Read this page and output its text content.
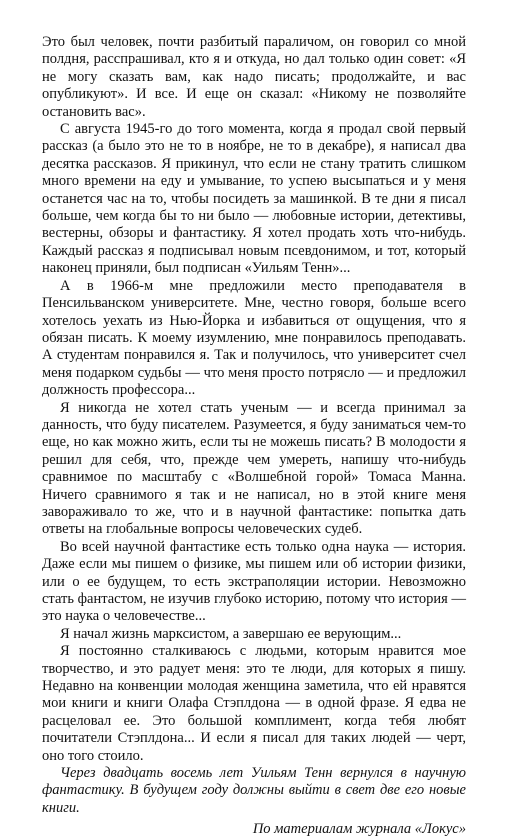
Это был человек, почти разбитый параличом, он говорил со мной полдня, расспрашивал, кто я и откуда, но дал только один совет: «Я не могу сказать вам, как надо писать; продолжайте, и вас опубликуют». И все. И еще он сказал: «Никому не позволяйте остановить вас».

С августа 1945-го до того момента, когда я продал свой первый рассказ (а было это не то в ноябре, не то в декабре), я написал два десятка рассказов. Я прикинул, что если не стану тратить слишком много времени на еду и умывание, то успею высыпаться и у меня останется час на то, чтобы посидеть за машинкой. В те дни я писал больше, чем когда бы то ни было — любовные истории, детективы, вестерны, обзоры и фантастику. Я хотел продать хоть что-нибудь. Каждый рассказ я подписывал новым псевдонимом, и тот, который наконец приняли, был подписан «Уильям Тенн»...

А в 1966-м мне предложили место преподавателя в Пенсильванском университете. Мне, честно говоря, больше всего хотелось уехать из Нью-Йорка и избавиться от ощущения, что я обязан писать. К моему изумлению, мне понравилось преподавать. А студентам понравился я. Так и получилось, что университет счел меня подарком судьбы — что меня просто потрясло — и предложил должность профессора...

Я никогда не хотел стать ученым — и всегда принимал за данность, что буду писателем. Разумеется, я буду заниматься чем-то еще, но как можно жить, если ты не можешь писать? В молодости я решил для себя, что, прежде чем умереть, напишу что-нибудь сравнимое по масштабу с «Волшебной горой» Томаса Манна. Ничего сравнимого я так и не написал, но в этой книге меня завораживало то же, что и в научной фантастике: попытка дать ответы на глобальные вопросы человеческих судеб.

Во всей научной фантастике есть только одна наука — история. Даже если мы пишем о физике, мы пишем или об истории физики, или о ее будущем, то есть экстраполяции истории. Невозможно стать фантастом, не изучив глубоко историю, потому что история — это наука о человечестве...

Я начал жизнь марксистом, а завершаю ее верующим...

Я постоянно сталкиваюсь с людьми, которым нравится мое творчество, и это радует меня: это те люди, для которых я пишу. Недавно на конвенции молодая женщина заметила, что ей нравятся мои книги и книги Олафа Стэплдона — в одной фразе. Я едва не расцеловал ее. Это большой комплимент, когда тебя любят почитатели Стэплдона... И если я писал для таких людей — черт, оно того стоило.

Через двадцать восемь лет Уильям Тенн вернулся в научную фантастику. В будущем году должны выйти в свет две его новые книги.

По материалам журнала «Локус»
